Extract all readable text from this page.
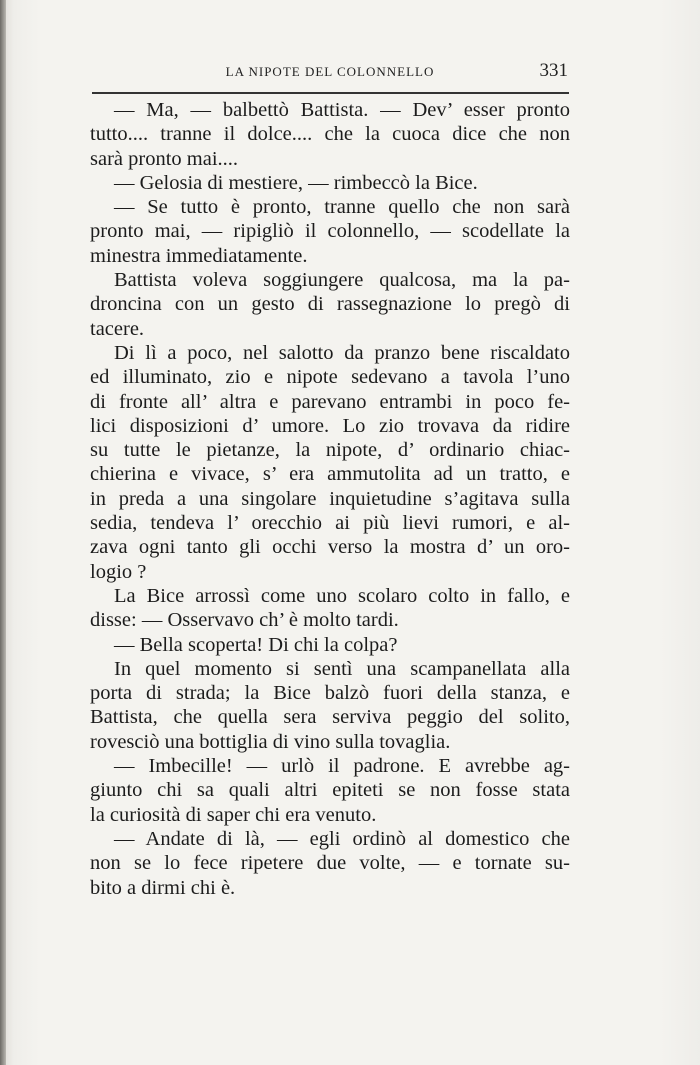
LA NIPOTE DEL COLONNELLO	331
— Ma, — balbettò Battista. — Dev’ esser pronto
tutto.... tranne il dolce.... che la cuoca dice che non
sarà pronto mai....
— Gelosia di mestiere, — rimbeccò la Bice.
— Se tutto è pronto, tranne quello che non sarà
pronto mai, — ripigliò il colonnello, — scodellate la
minestra immediatamente.
Battista voleva soggiungere qualcosa, ma la pa-
droncina con un gesto di rassegnazione lo pregò di
tacere.
Di lì a poco, nel salotto da pranzo bene riscaldato
ed illuminato, zio e nipote sedevano a tavola l’uno
di fronte all’ altra e parevano entrambi in poco fe-
lici disposizioni d’ umore. Lo zio trovava da ridire
su tutte le pietanze, la nipote, d’ ordinario chiac-
chierina e vivace, s’ era ammutolita ad un tratto, e
in preda a una singolare inquietudine s’agitava sulla
sedia, tendeva l’ orecchio ai più lievi rumori, e al-
zava ogni tanto gli occhi verso la mostra d’ un oro-
logio ?
La Bice arrossì come uno scolaro colto in fallo, e
disse: — Osservavo ch’ è molto tardi.
— Bella scoperta! Di chi la colpa?
In quel momento si sentì una scampanellata alla
porta di strada; la Bice balzò fuori della stanza, e
Battista, che quella sera serviva peggio del solito,
rovesciò una bottiglia di vino sulla tovaglia.
— Imbecille! — urlò il padrone. E avrebbe ag-
giunto chi sa quali altri epiteti se non fosse stata
la curiosità di saper chi era venuto.
— Andate di là, — egli ordinò al domestico che
non se lo fece ripetere due volte, — e tornate su-
bito a dirmi chi è.
